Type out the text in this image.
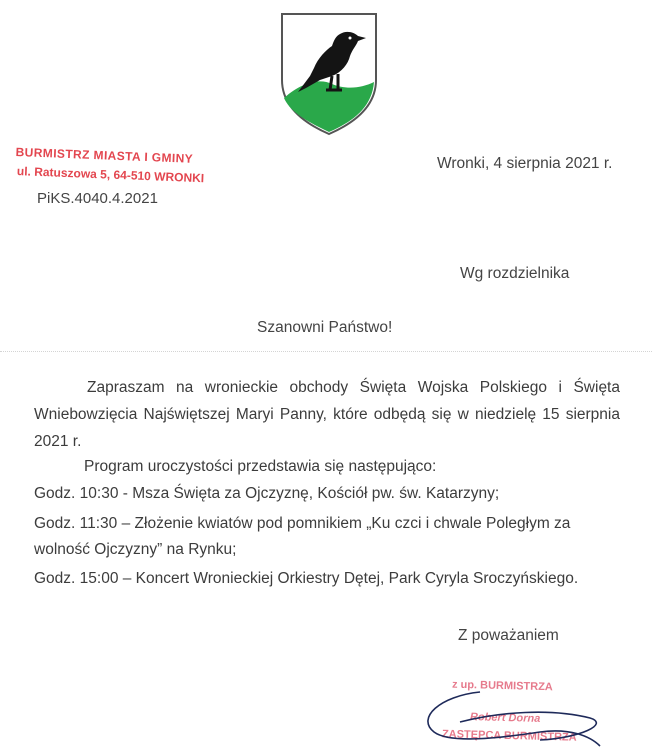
BURMISTRZ MIASTA I GMINY
ul. Ratuszowa 5, 64-510 WRONKI
PiKS.4040.4.2021
Wronki, 4 sierpnia 2021 r.
Wg rozdzielnika
Szanowni Państwo!

Zapraszam na wronieckie obchody Święta Wojska Polskiego i Święta Wniebowzięcia Najświętszej Maryi Panny, które odbędą się w niedzielę 15 sierpnia 2021 r.

Program uroczystości przedstawia się następująco:
Godz. 10:30 - Msza Święta za Ojczyznę, Kościół pw. św. Katarzyny;
Godz. 11:30 – Złożenie kwiatów pod pomnikiem „Ku czci i chwale Poległym za
wolność Ojczyzny” na Rynku;
Godz. 15:00 – Koncert Wronieckiej Orkiestry Dętej, Park Cyryla Sroczyńskiego.
Z poważaniem
z up. BURMISTRZA
Robert Dorna
ZASTĘPCA BURMISTRZA
